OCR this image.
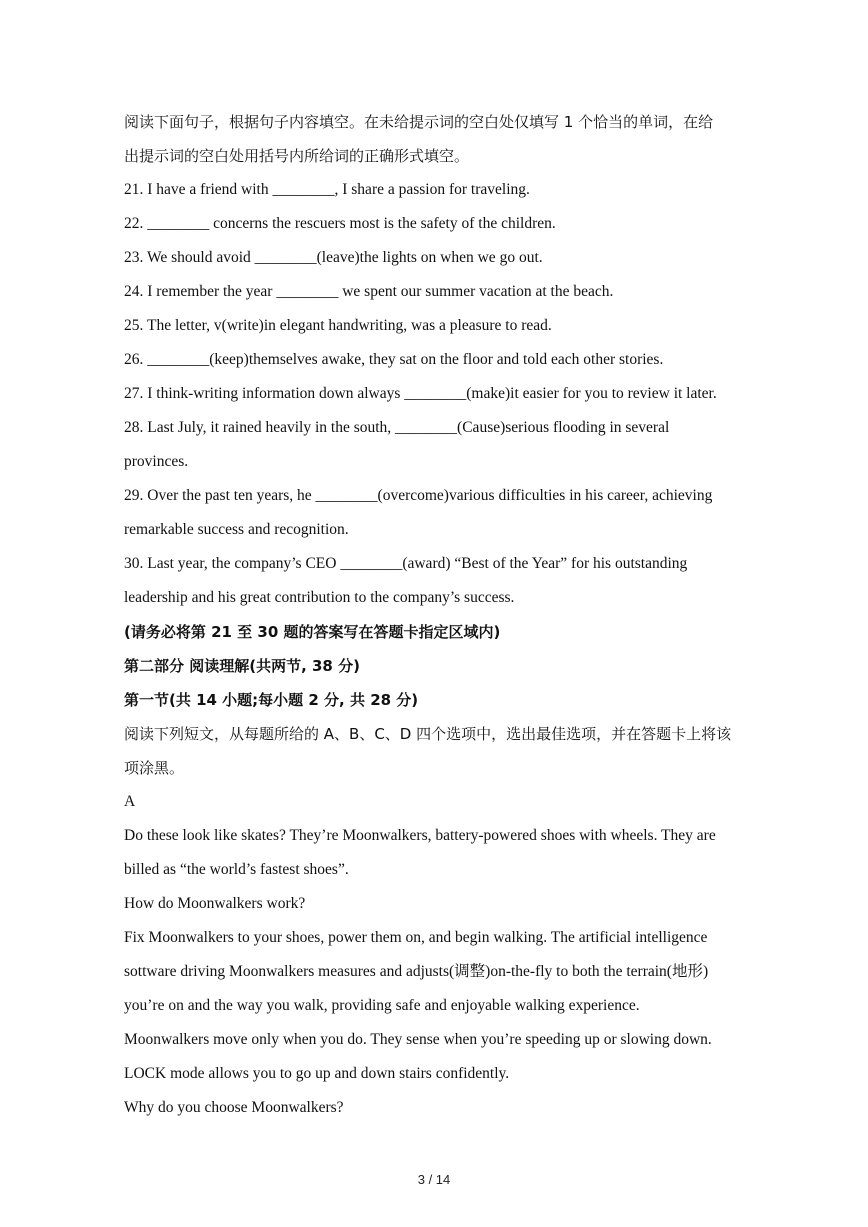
阅读下面句子，根据句子内容填空。在未给提示词的空白处仅填写 1 个恰当的单词，在给
出提示词的空白处用括号内所给词的正确形式填空。
21. I have a friend with ________, I share a passion for traveling.
22. ________ concerns the rescuers most is the safety of the children.
23. We should avoid ________(leave)the lights on when we go out.
24. I remember the year ________ we spent our summer vacation at the beach.
25. The letter, v(write)in elegant handwriting, was a pleasure to read.
26. ________(keep)themselves awake, they sat on the floor and told each other stories.
27. I think-writing information down always ________(make)it easier for you to review it later.
28. Last July, it rained heavily in the south, ________(Cause)serious flooding in several
provinces.
29. Over the past ten years, he ________(overcome)various difficulties in his career, achieving
remarkable success and recognition.
30. Last year, the company’s CEO ________(award) “Best of the Year” for his outstanding
leadership and his great contribution to the company’s success.
(请务必将第 21 至 30 题的答案写在答题卡指定区域内)
第二部分 阅读理解(共两节, 38 分)
第一节(共 14 小题;每小题 2 分, 共 28 分)
阅读下列短文，从每题所给的 A、B、C、D 四个选项中，选出最佳选项，并在答题卡上将该
项涂黑。
A
Do these look like skates? They’re Moonwalkers, battery-powered shoes with wheels. They are
billed as “the world’s fastest shoes”.
How do Moonwalkers work?
Fix Moonwalkers to your shoes, power them on, and begin walking. The artificial intelligence
sottware driving Moonwalkers measures and adjusts(调整)on-the-fly to both the terrain(地形)
you’re on and the way you walk, providing safe and enjoyable walking experience.
Moonwalkers move only when you do. They sense when you’re speeding up or slowing down.
LOCK mode allows you to go up and down stairs confidently.
Why do you choose Moonwalkers?
3 / 14
